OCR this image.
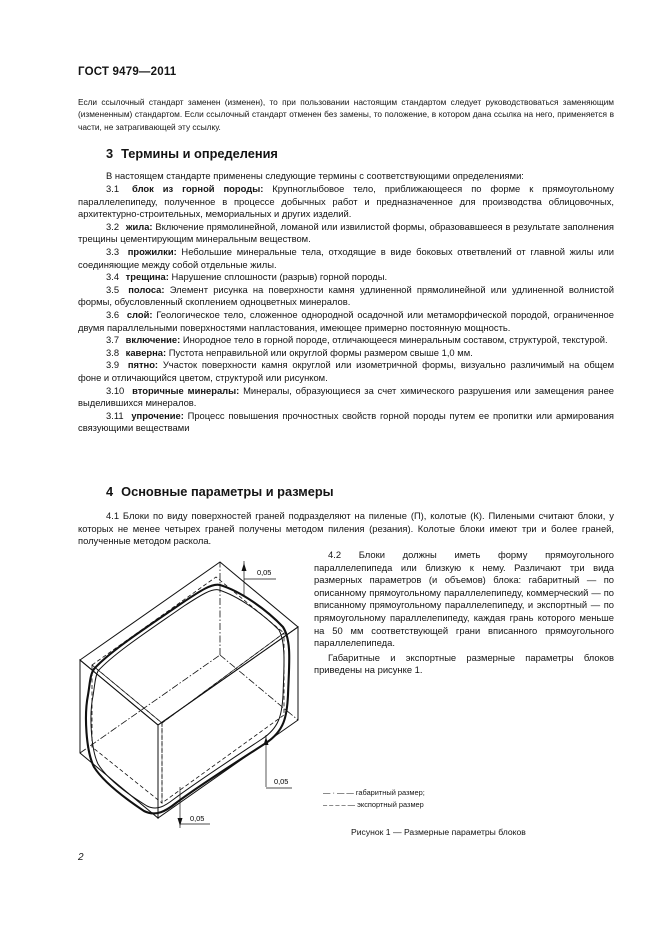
ГОСТ 9479—2011
Если ссылочный стандарт заменен (изменен), то при пользовании настоящим стандартом следует руководствоваться заменяющим (измененным) стандартом. Если ссылочный стандарт отменен без замены, то положение, в котором дана ссылка на него, применяется в части, не затрагивающей эту ссылку.
3 Термины и определения
В настоящем стандарте применены следующие термины с соответствующими определениями:
3.1 блок из горной породы: Крупноглыбовое тело, приближающееся по форме к прямоугольному параллелепипеду, полученное в процессе добычных работ и предназначенное для производства облицовочных, архитектурно-строительных, мемориальных и других изделий.
3.2 жила: Включение прямолинейной, ломаной или извилистой формы, образовавшееся в результате заполнения трещины цементирующим минеральным веществом.
3.3 прожилки: Небольшие минеральные тела, отходящие в виде боковых ответвлений от главной жилы или соединяющие между собой отдельные жилы.
3.4 трещина: Нарушение сплошности (разрыв) горной породы.
3.5 полоса: Элемент рисунка на поверхности камня удлиненной прямолинейной или удлиненной волнистой формы, обусловленный скоплением одноцветных минералов.
3.6 слой: Геологическое тело, сложенное однородной осадочной или метаморфической породой, ограниченное двумя параллельными поверхностями напластования, имеющее примерно постоянную мощность.
3.7 включение: Инородное тело в горной породе, отличающееся минеральным составом, структурой, текстурой.
3.8 каверна: Пустота неправильной или округлой формы размером свыше 1,0 мм.
3.9 пятно: Участок поверхности камня округлой или изометричной формы, визуально различимый на общем фоне и отличающийся цветом, структурой или рисунком.
3.10 вторичные минералы: Минералы, образующиеся за счет химического разрушения или замещения ранее выделившихся минералов.
3.11 упрочение: Процесс повышения прочностных свойств горной породы путем ее пропитки или армирования связующими веществами
4 Основные параметры и размеры
4.1 Блоки по виду поверхностей граней подразделяют на пиленые (П), колотые (К). Пилеными считают блоки, у которых не менее четырех граней получены методом пиления (резания). Колотые блоки имеют три и более граней, полученные методом раскола.
4.2 Блоки должны иметь форму прямоугольного параллелепипеда или близкую к нему. Различают три вида размерных параметров (и объемов) блока: габаритный — по описанному прямоугольному параллелепипеду, коммерческий — по вписанному прямоугольному параллелепипеду, и экспортный — по прямоугольному параллелепипеду, каждая грань которого меньше на 50 мм соответствующей грани вписанного прямоугольного параллелепипеда.
Габаритные и экспортные размерные параметры блоков приведены на рисунке 1.
0,05
0,05
0,05
— · — — габаритный размер;
– – – – — экспортный размер
Рисунок 1 — Размерные параметры блоков
2
